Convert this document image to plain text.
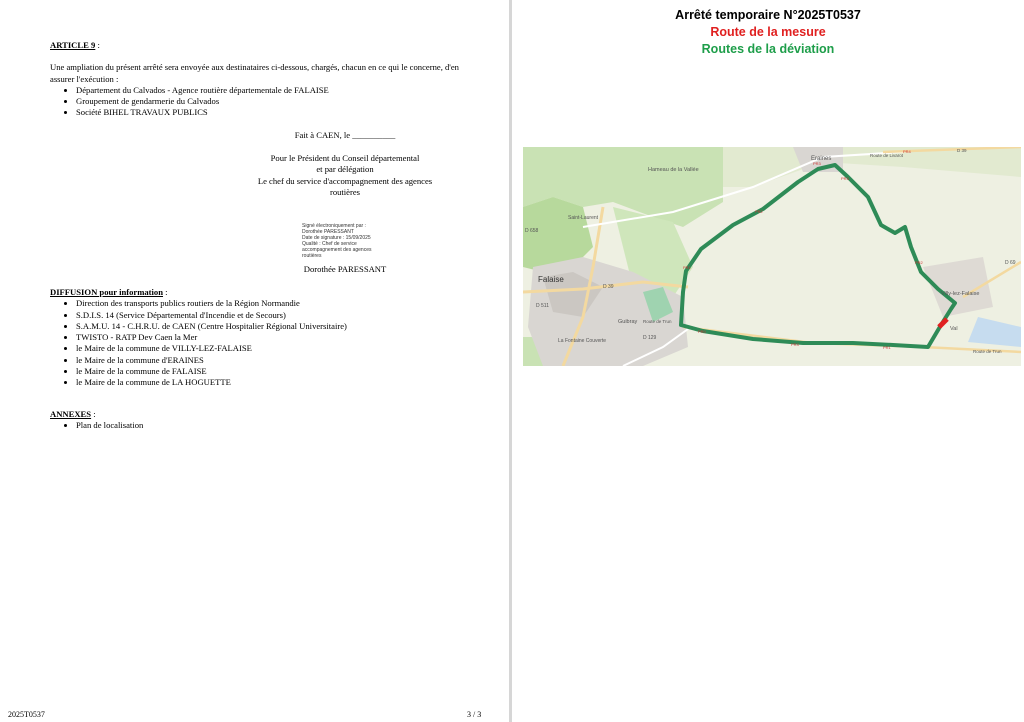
ARTICLE 9 :
Une ampliation du présent arrêté sera envoyée aux destinataires ci-dessous, chargés, chacun en ce qui le concerne, d'en assurer l'exécution :
• Département du Calvados - Agence routière départementale de FALAISE
• Groupement de gendarmerie du Calvados
• Société BIHEL TRAVAUX PUBLICS
Fait à CAEN, le __________
Pour le Président du Conseil départemental
et par délégation
Le chef du service d'accompagnement des agences
routières
Signé électroniquement par :
Dorothée PARESSANT
Date de signature : 15/09/2025
Qualité : Chef de service
accompagnement des agences
routières
Dorothée PARESSANT
DIFFUSION pour information :
• Direction des transports publics routiers de la Région Normandie
• S.D.I.S. 14 (Service Départemental d'Incendie et de Secours)
• S.A.M.U. 14 - C.H.R.U. de CAEN (Centre Hospitalier Régional Universitaire)
• TWISTO - RATP Dev Caen la Mer
• le Maire de la commune de VILLY-LEZ-FALAISE
• le Maire de la commune d'ERAINES
• le Maire de la commune de FALAISE
• le Maire de la commune de LA HOGUETTE
ANNEXES :
• Plan de localisation
2025T0537	3 / 3
Arrêté temporaire N°2025T0537
Route de la mesure
Routes de la déviation
PR3
PR4
PR2
PR1
PR0
PR3
PR1
PR2
PR3
Eraines
Route de Livarot
D 39
Hameau de la Vallée
Saint-Laurent
D 658
Falaise
D 39
D 511
Guibray Route de Trun
La Fontaine Couverte	D 129
Villy-lez-Falaise
D 69
Val
Route de Trun
